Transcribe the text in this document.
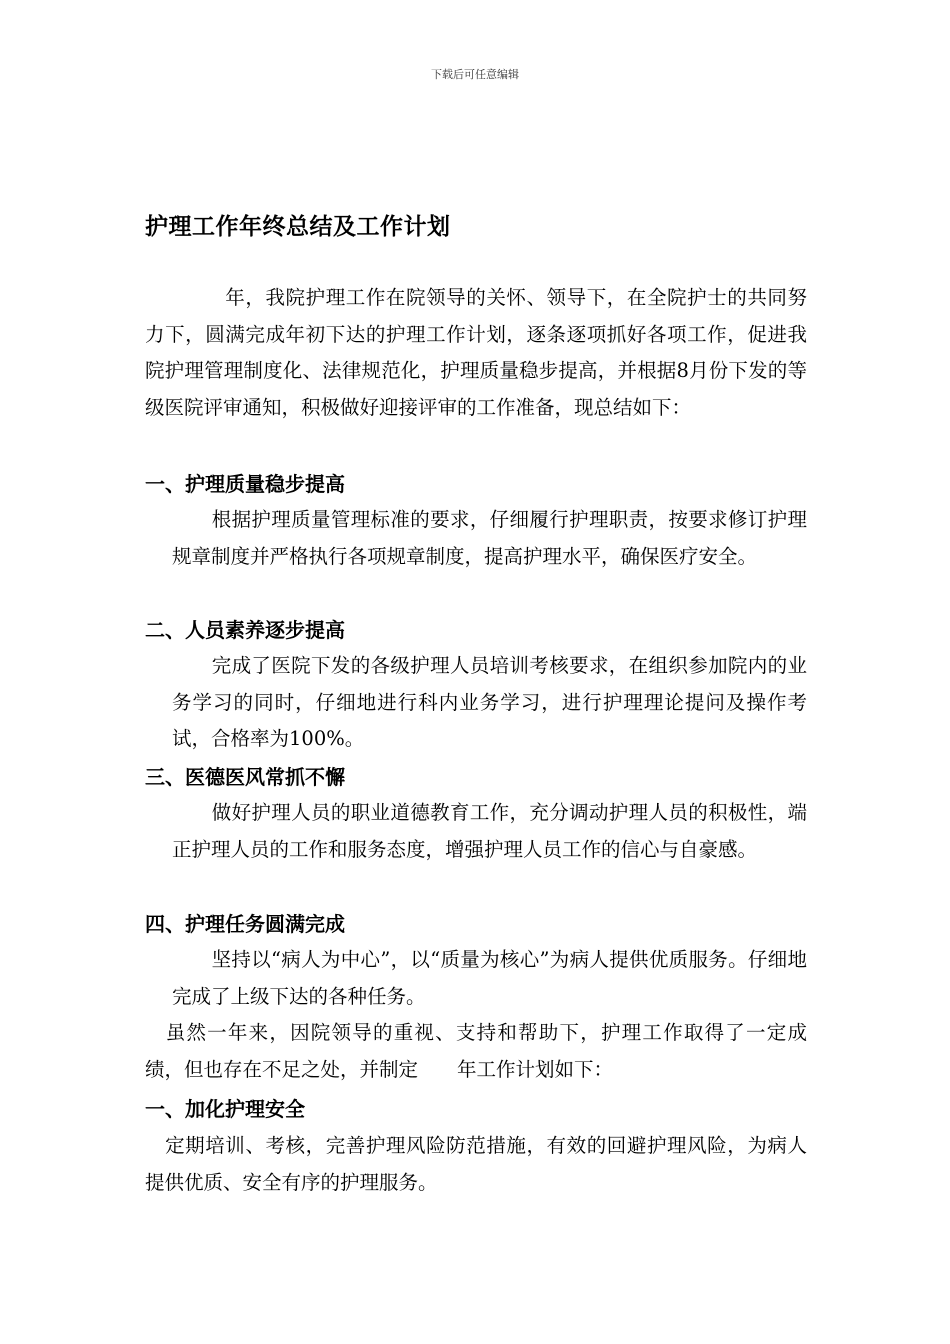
下载后可任意编辑
护理工作年终总结及工作计划
　　　　年，我院护理工作在院领导的关怀、领导下，在全院护士的共同努力下，圆满完成年初下达的护理工作计划，逐条逐项抓好各项工作，促进我院护理管理制度化、法律规范化，护理质量稳步提高，并根据8月份下发的等级医院评审通知，积极做好迎接评审的工作准备，现总结如下：
一、护理质量稳步提高
　　根据护理质量管理标准的要求，仔细履行护理职责，按要求修订护理规章制度并严格执行各项规章制度，提高护理水平，确保医疗安全。
二、人员素养逐步提高
　　完成了医院下发的各级护理人员培训考核要求，在组织参加院内的业务学习的同时，仔细地进行科内业务学习，进行护理理论提问及操作考试，合格率为100%。
三、医德医风常抓不懈
　　做好护理人员的职业道德教育工作，充分调动护理人员的积极性，端正护理人员的工作和服务态度，增强护理人员工作的信心与自豪感。
四、护理任务圆满完成
　　坚持以“病人为中心”，以“质量为核心”为病人提供优质服务。仔细地完成了上级下达的各种任务。
　虽然一年来，因院领导的重视、支持和帮助下，护理工作取得了一定成绩，但也存在不足之处，并制定　　年工作计划如下：
一、加化护理安全
　定期培训、考核，完善护理风险防范措施，有效的回避护理风险，为病人提供优质、安全有序的护理服务。
